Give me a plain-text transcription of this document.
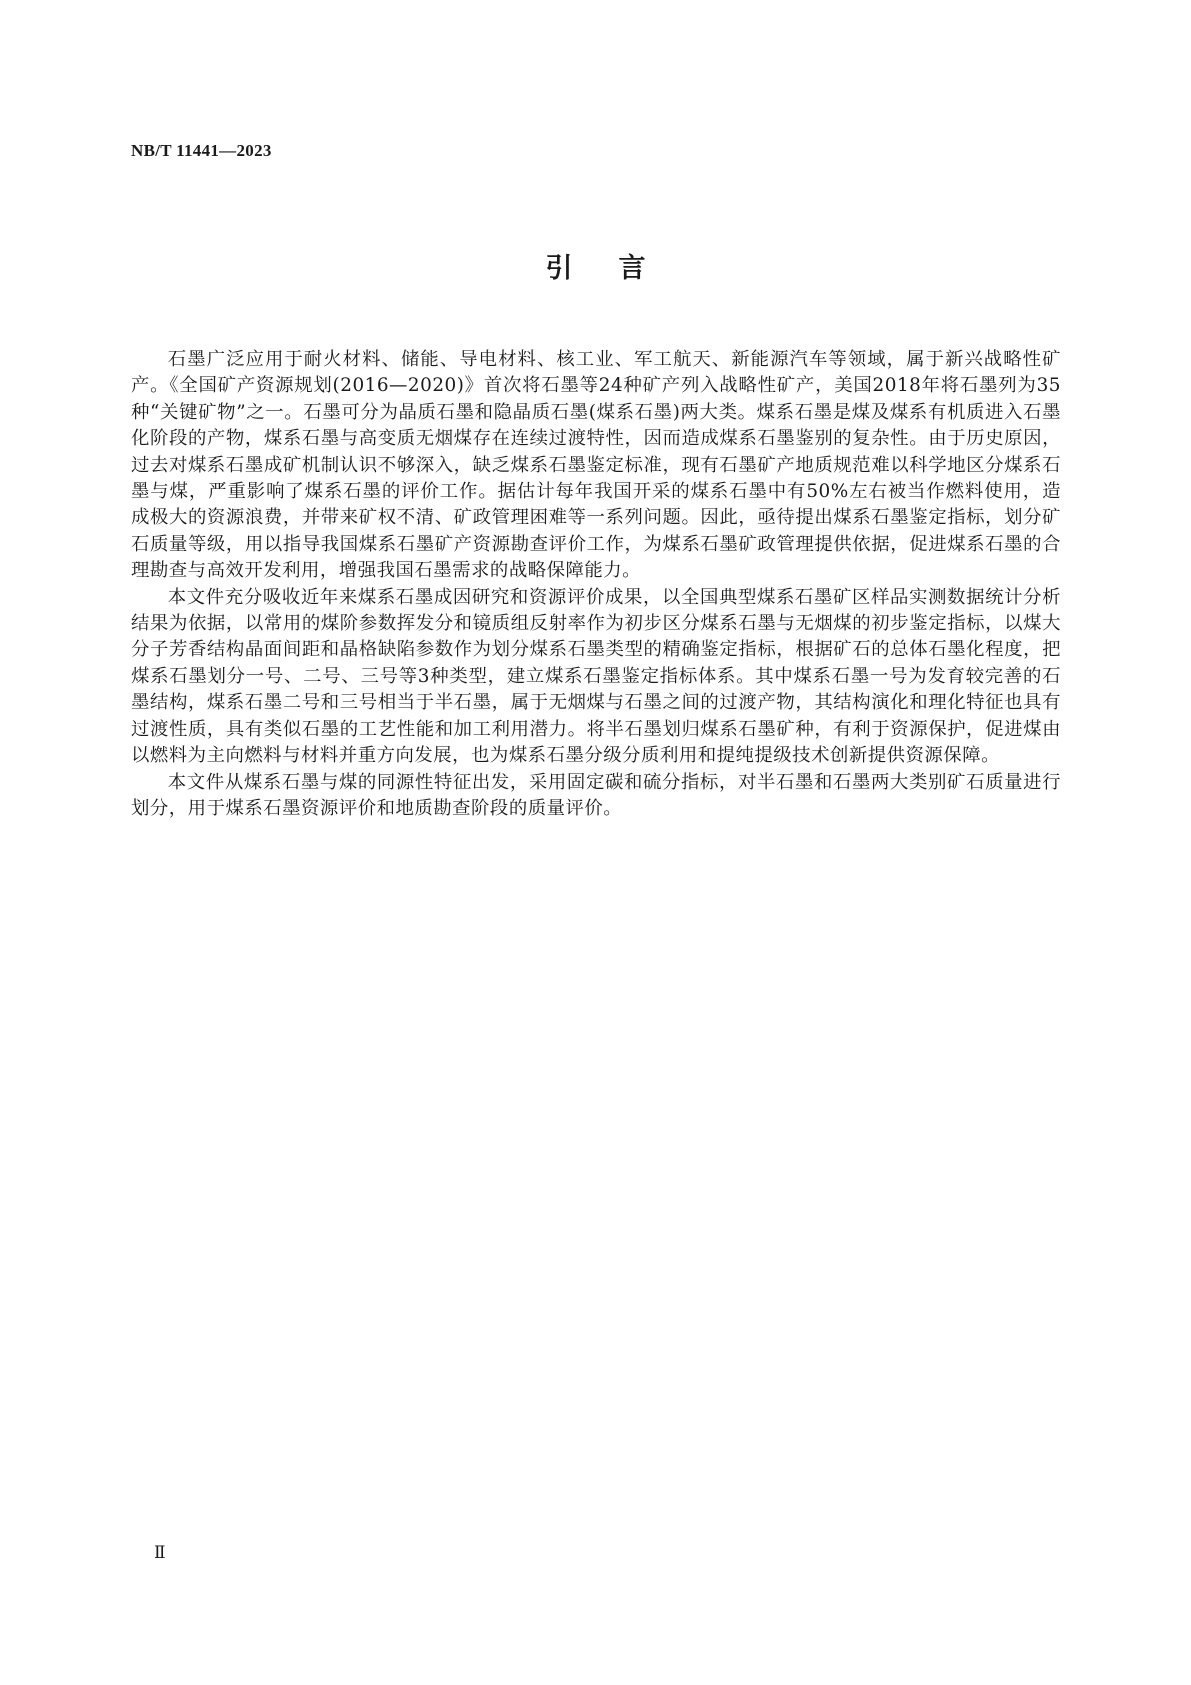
NB/T 11441—2023
引言

石墨广泛应用于耐火材料、储能、导电材料、核工业、军工航天、新能源汽车等领域，属于新兴战略性矿产。《全国矿产资源规划(2016—2020)》首次将石墨等24种矿产列入战略性矿产，美国2018年将石墨列为35种“关键矿物”之一。石墨可分为晶质石墨和隐晶质石墨(煤系石墨)两大类。煤系石墨是煤及煤系有机质进入石墨化阶段的产物，煤系石墨与高变质无烟煤存在连续过渡特性，因而造成煤系石墨鉴别的复杂性。由于历史原因，过去对煤系石墨成矿机制认识不够深入，缺乏煤系石墨鉴定标准，现有石墨矿产地质规范难以科学地区分煤系石墨与煤，严重影响了煤系石墨的评价工作。据估计每年我国开采的煤系石墨中有50%左右被当作燃料使用，造成极大的资源浪费，并带来矿权不清、矿政管理困难等一系列问题。因此，亟待提出煤系石墨鉴定指标，划分矿石质量等级，用以指导我国煤系石墨矿产资源勘查评价工作，为煤系石墨矿政管理提供依据，促进煤系石墨的合理勘查与高效开发利用，增强我国石墨需求的战略保障能力。

本文件充分吸收近年来煤系石墨成因研究和资源评价成果，以全国典型煤系石墨矿区样品实测数据统计分析结果为依据，以常用的煤阶参数挥发分和镜质组反射率作为初步区分煤系石墨与无烟煤的初步鉴定指标，以煤大分子芳香结构晶面间距和晶格缺陷参数作为划分煤系石墨类型的精确鉴定指标，根据矿石的总体石墨化程度，把煤系石墨划分一号、二号、三号等3种类型，建立煤系石墨鉴定指标体系。其中煤系石墨一号为发育较完善的石墨结构，煤系石墨二号和三号相当于半石墨，属于无烟煤与石墨之间的过渡产物，其结构演化和理化特征也具有过渡性质，具有类似石墨的工艺性能和加工利用潜力。将半石墨划归煤系石墨矿种，有利于资源保护，促进煤由以燃料为主向燃料与材料并重方向发展，也为煤系石墨分级分质利用和提纯提级技术创新提供资源保障。

本文件从煤系石墨与煤的同源性特征出发，采用固定碳和硫分指标，对半石墨和石墨两大类别矿石质量进行划分，用于煤系石墨资源评价和地质勘查阶段的质量评价。

Ⅱ
